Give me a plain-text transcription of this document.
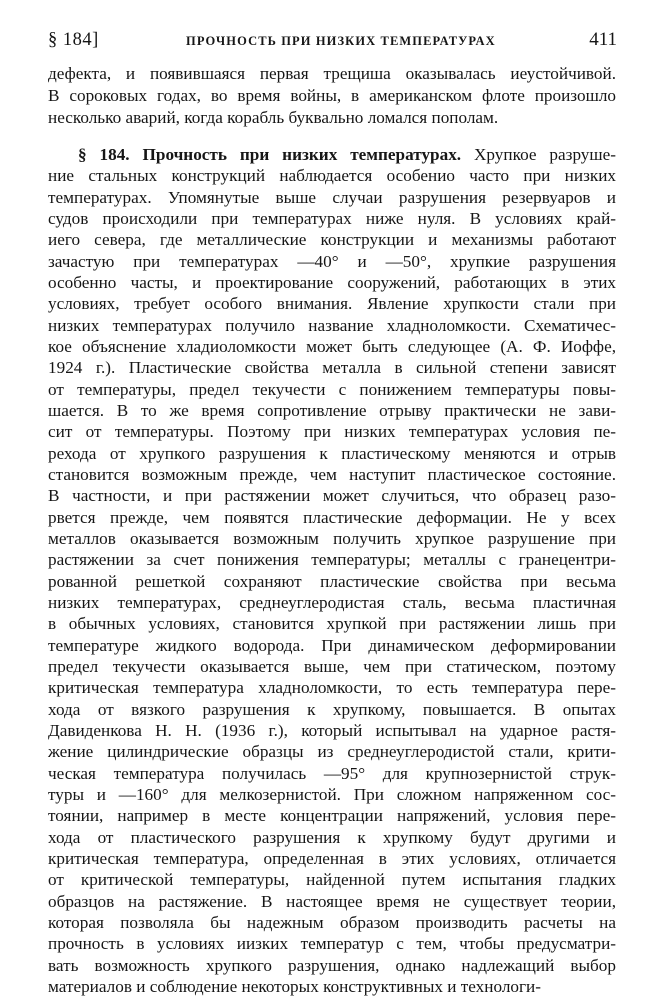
§ 184]	ПРОЧНОСТЬ ПРИ НИЗКИХ ТЕМПЕРАТУРАХ	411
дефекта, и появившаяся первая трещиша оказывалась иеустойчивой.
В сороковых годах, во время войны, в американском флоте произошло
несколько аварий, когда корабль буквально ломался пополам.
§ 184. Прочность при низких температурах. Хрупкое разруше-
ние стальных конструкций наблюдается особенио часто при низких
температурах. Упомянутые выше случаи разрушения резервуаров и
судов происходили при температурах ниже нуля. В условиях край-
иего севера, где металлические конструкции и механизмы работают
зачастую при температурах —40° и —50°, хрупкие разрушения
особенно часты, и проектирование сооружений, работающих в этих
условиях, требует особого внимания. Явление хрупкости стали при
низких температурах получило название хладноломкости. Схематичес-
кое объяснение хладиоломкости может быть следующее (А. Ф. Иоффе,
1924 г.). Пластические свойства металла в сильной степени зависят
от температуры, предел текучести с понижением температуры повы-
шается. В то же время сопротивление отрыву практически не зави-
сит от температуры. Поэтому при низких температурах условия пе-
рехода от хрупкого разрушения к пластическому меняются и отрыв
становится возможным прежде, чем наступит пластическое состояние.
В частности, и при растяжении может случиться, что образец разо-
рвется прежде, чем появятся пластические деформации. Не у всех
металлов оказывается возможным получить хрупкое разрушение при
растяжении за счет понижения температуры; металлы с гранецентри-
рованной решеткой сохраняют пластические свойства при весьма
низких температурах, среднеуглеродистая сталь, весьма пластичная
в обычных условиях, становится хрупкой при растяжении лишь при
температуре жидкого водорода. При динамическом деформировании
предел текучести оказывается выше, чем при статическом, поэтому
критическая температура хладноломкости, то есть температура пере-
хода от вязкого разрушения к хрупкому, повышается. В опытах
Давиденкова Н. Н. (1936 г.), который испытывал на ударное растя-
жение цилиндрические образцы из среднеуглеродистой стали, крити-
ческая температура получилась —95° для крупнозернистой струк-
туры и —160° для мелкозернистой. При сложном напряженном сос-
тоянии, например в месте концентрации напряжений, условия пере-
хода от пластического разрушения к хрупкому будут другими и
критическая температура, определенная в этих условиях, отличается
от критической температуры, найденной путем испытания гладких
образцов на растяжение. В настоящее время не существует теории,
которая позволяла бы надежным образом производить расчеты на
прочность в условиях иизких температур с тем, чтобы предусматри-
вать возможность хрупкого разрушения, однако надлежащий выбор
материалов и соблюдение некоторых конструктивных и технологи-
